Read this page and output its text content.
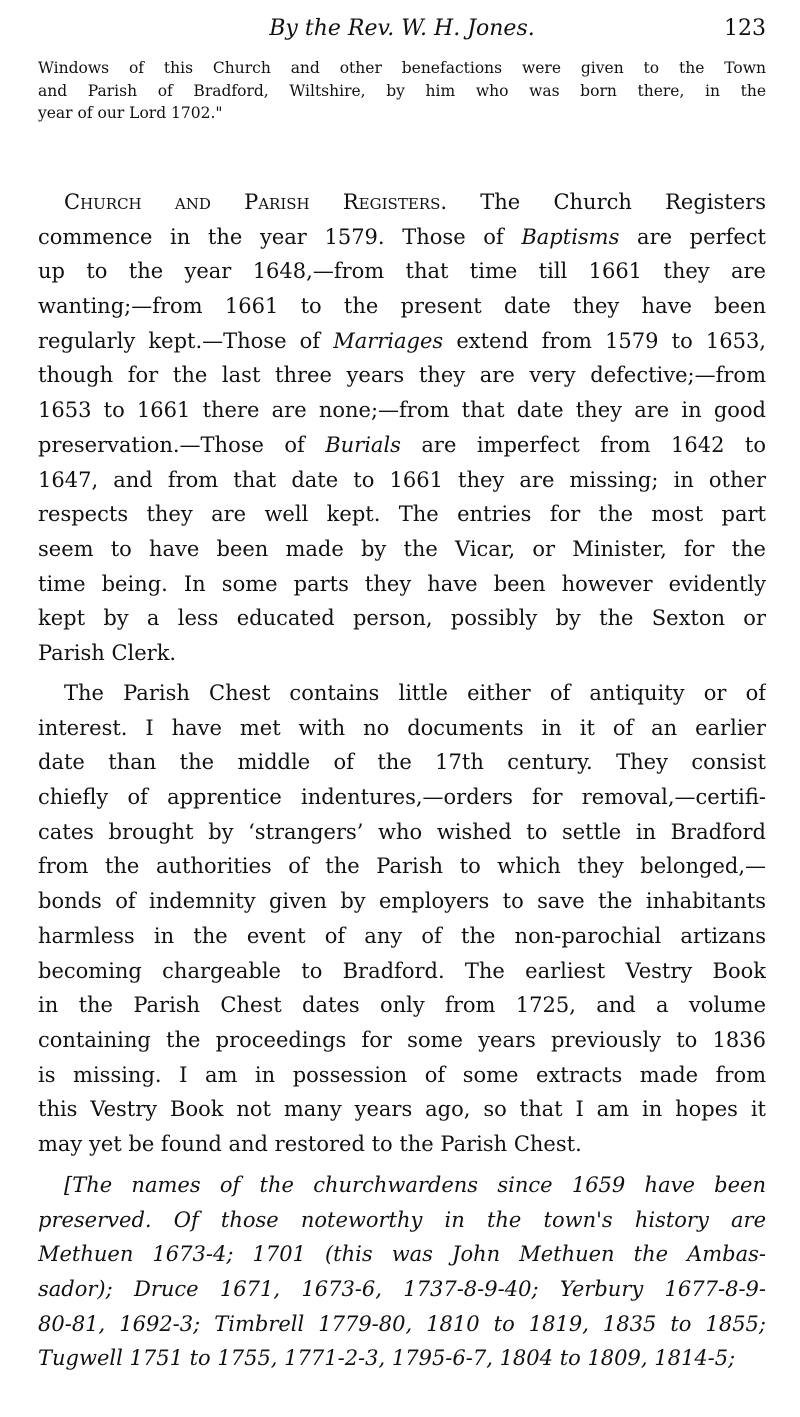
By the Rev. W. H. Jones.	123
Windows of this Church and other benefactions were given to the Town
and Parish of Bradford, Wiltshire, by him who was born there, in the
year of our Lord 1702."
Church and Parish Registers. The Church Registers
commence in the year 1579. Those of Baptisms are perfect
up to the year 1648,—from that time till 1661 they are
wanting;—from 1661 to the present date they have been
regularly kept.—Those of Marriages extend from 1579 to 1653,
though for the last three years they are very defective;—from
1653 to 1661 there are none;—from that date they are in good
preservation.—Those of Burials are imperfect from 1642 to
1647, and from that date to 1661 they are missing; in other
respects they are well kept. The entries for the most part
seem to have been made by the Vicar, or Minister, for the
time being. In some parts they have been however evidently
kept by a less educated person, possibly by the Sexton or
Parish Clerk.
The Parish Chest contains little either of antiquity or of
interest. I have met with no documents in it of an earlier
date than the middle of the 17th century. They consist
chiefly of apprentice indentures,—orders for removal,—certifi-
cates brought by ‘strangers’ who wished to settle in Bradford
from the authorities of the Parish to which they belonged,—
bonds of indemnity given by employers to save the inhabitants
harmless in the event of any of the non-parochial artizans
becoming chargeable to Bradford. The earliest Vestry Book
in the Parish Chest dates only from 1725, and a volume
containing the proceedings for some years previously to 1836
is missing. I am in possession of some extracts made from
this Vestry Book not many years ago, so that I am in hopes it
may yet be found and restored to the Parish Chest.
[The names of the churchwardens since 1659 have been
preserved. Of those noteworthy in the town's history are
Methuen 1673-4; 1701 (this was John Methuen the Ambas-
sador); Druce 1671, 1673-6, 1737-8-9-40; Yerbury 1677-8-9-
80-81, 1692-3; Timbrell 1779-80, 1810 to 1819, 1835 to 1855;
Tugwell 1751 to 1755, 1771-2-3, 1795-6-7, 1804 to 1809, 1814-5;
